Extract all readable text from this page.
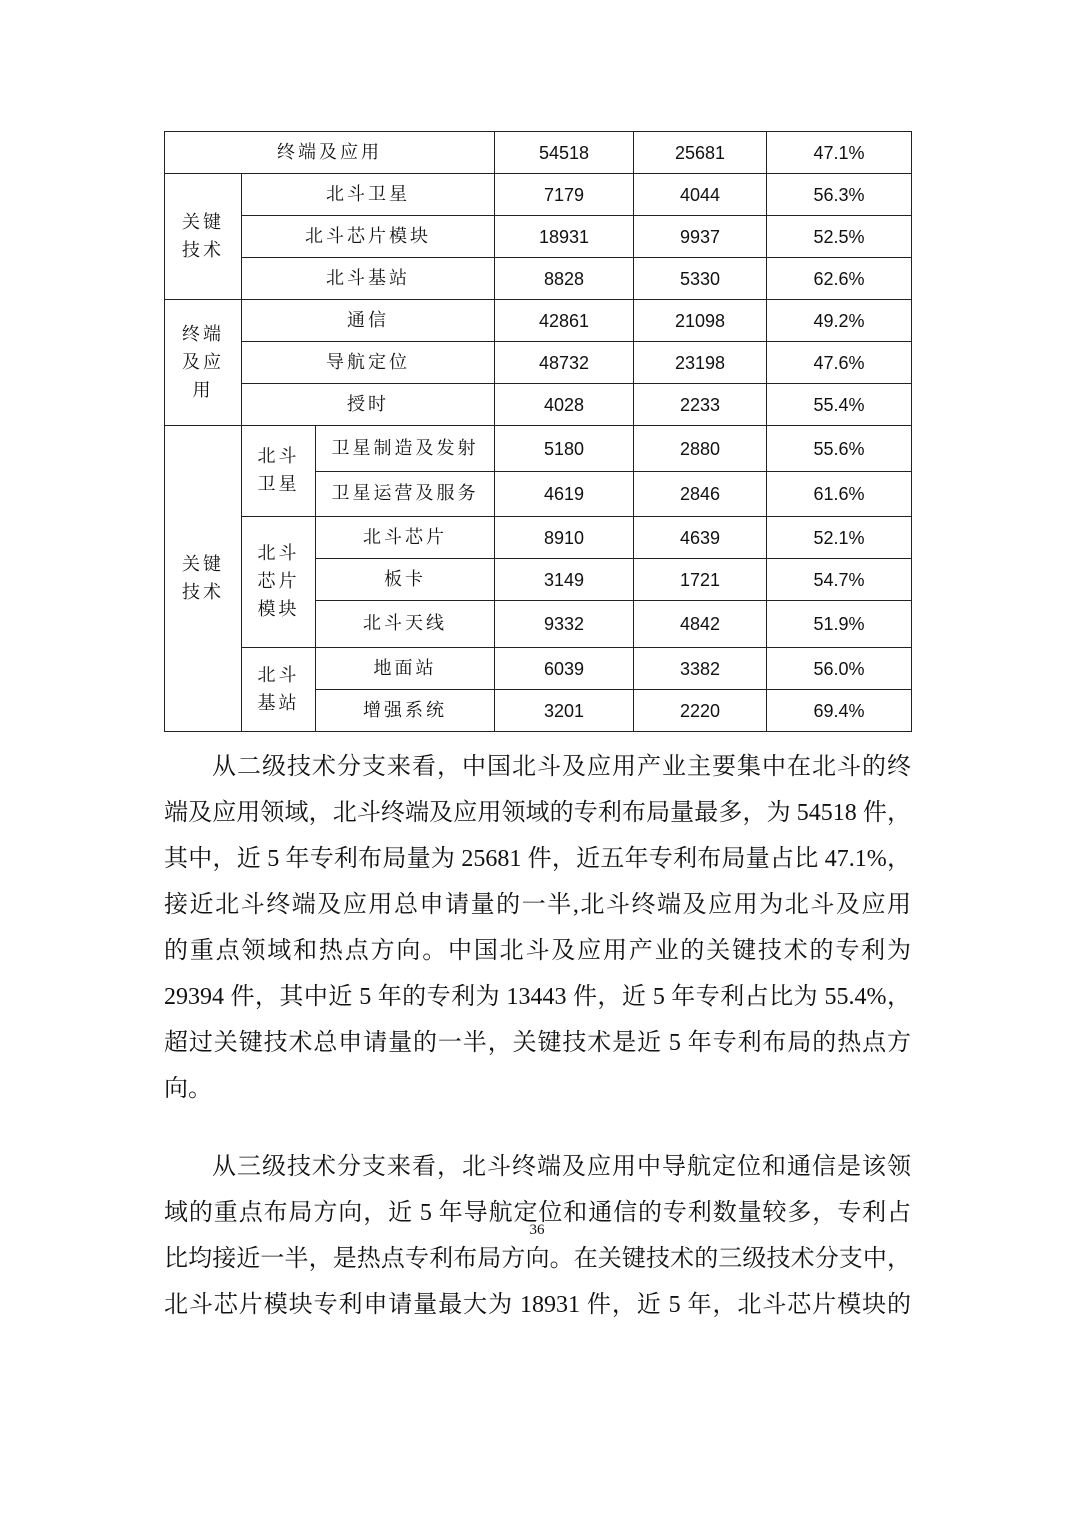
终端及应用	54518	25681	47.1%

关键
技术
	北斗卫星	7179	4044	56.3%
北斗芯片模块	18931	9937	52.5%
北斗基站	8828	5330	62.6%

终端
及应
用
	通信	42861	21098	49.2%
导航定位	48732	23198	47.6%
授时	4028	2233	55.4%

关键
技术

北斗
卫星
	卫星制造及发射	5180	2880	55.6%
卫星运营及服务	4619	2846	61.6%

北斗
芯片
模块
	北斗芯片	8910	4639	52.1%
板卡	3149	1721	54.7%
北斗天线	9332	4842	51.9%

北斗
基站
	地面站	6039	3382	56.0%
增强系统	3201	2220	69.4%
从二级技术分支来看，中国北斗及应用产业主要集中在北斗的终
端及应用领域，北斗终端及应用领域的专利布局量最多，为 54518 件，
其中，近 5 年专利布局量为 25681 件，近五年专利布局量占比 47.1%，
接近北斗终端及应用总申请量的一半,北斗终端及应用为北斗及应用
的重点领域和热点方向。中国北斗及应用产业的关键技术的专利为
29394 件，其中近 5 年的专利为 13443 件，近 5 年专利占比为 55.4%，
超过关键技术总申请量的一半，关键技术是近 5 年专利布局的热点方
向。
从三级技术分支来看，北斗终端及应用中导航定位和通信是该领
域的重点布局方向，近 5 年导航定位和通信的专利数量较多，专利占
比均接近一半，是热点专利布局方向。在关键技术的三级技术分支中，
北斗芯片模块专利申请量最大为 18931 件，近 5 年，北斗芯片模块的
36
